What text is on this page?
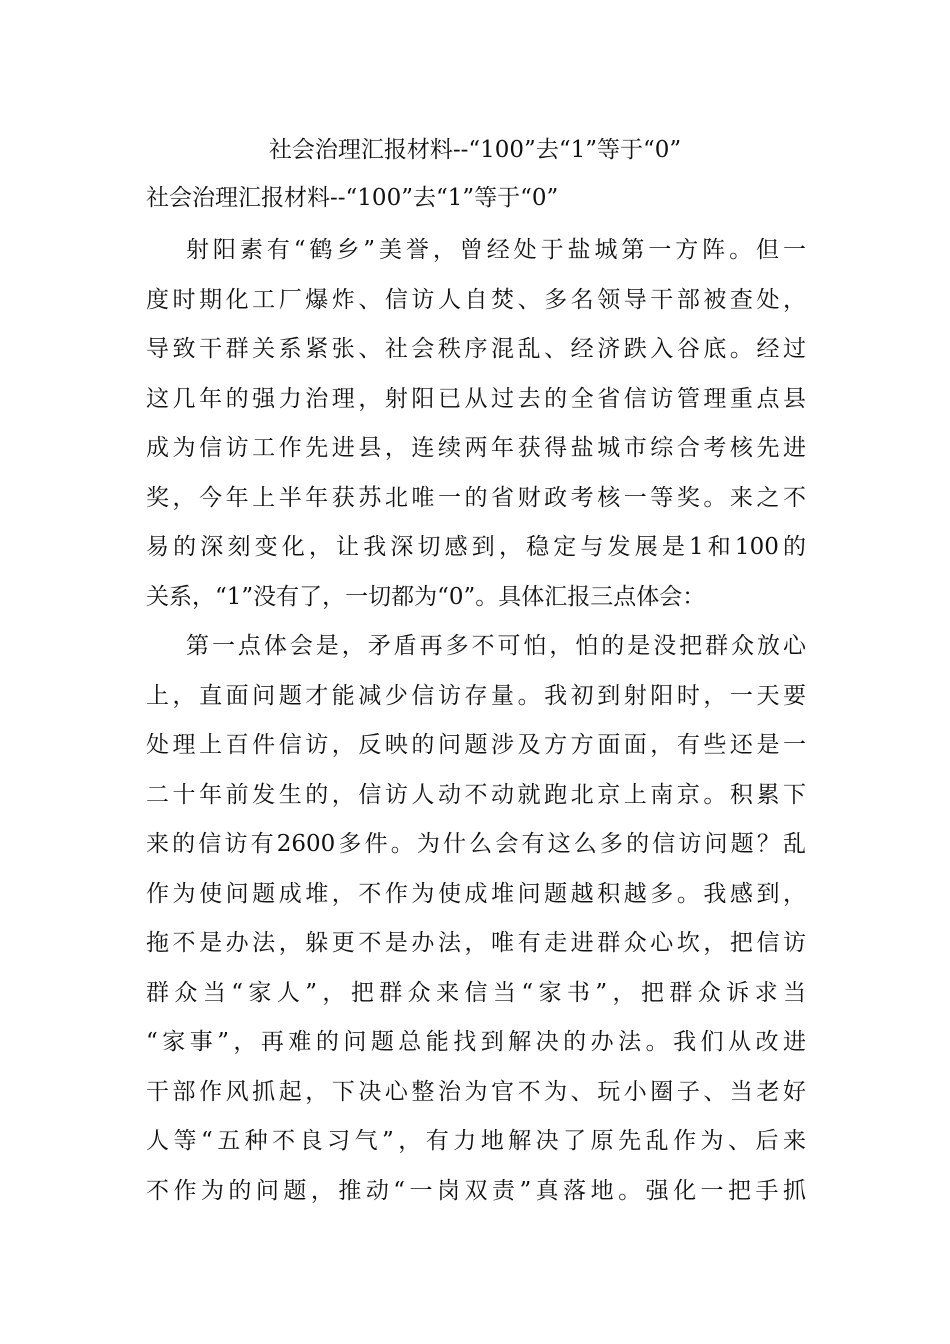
社会治理汇报材料--“100”去“1”等于“0”
社会治理汇报材料--“100”去“1”等于“0”
射阳素有“鹤乡”美誉，曾经处于盐城第一方阵。但一
度时期化工厂爆炸、信访人自焚、多名领导干部被查处，
导致干群关系紧张、社会秩序混乱、经济跌入谷底。经过
这几年的强力治理，射阳已从过去的全省信访管理重点县
成为信访工作先进县，连续两年获得盐城市综合考核先进
奖，今年上半年获苏北唯一的省财政考核一等奖。来之不
易的深刻变化，让我深切感到，稳定与发展是1和100的
关系，“1”没有了，一切都为“0”。具体汇报三点体会：
第一点体会是，矛盾再多不可怕，怕的是没把群众放心
上，直面问题才能减少信访存量。我初到射阳时，一天要
处理上百件信访，反映的问题涉及方方面面，有些还是一
二十年前发生的，信访人动不动就跑北京上南京。积累下
来的信访有2600多件。为什么会有这么多的信访问题？乱
作为使问题成堆，不作为使成堆问题越积越多。我感到，
拖不是办法，躲更不是办法，唯有走进群众心坎，把信访
群众当“家人”，把群众来信当“家书”，把群众诉求当
“家事”，再难的问题总能找到解决的办法。我们从改进
干部作风抓起，下决心整治为官不为、玩小圈子、当老好
人等“五种不良习气”，有力地解决了原先乱作为、后来
不作为的问题，推动“一岗双责”真落地。强化一把手抓
